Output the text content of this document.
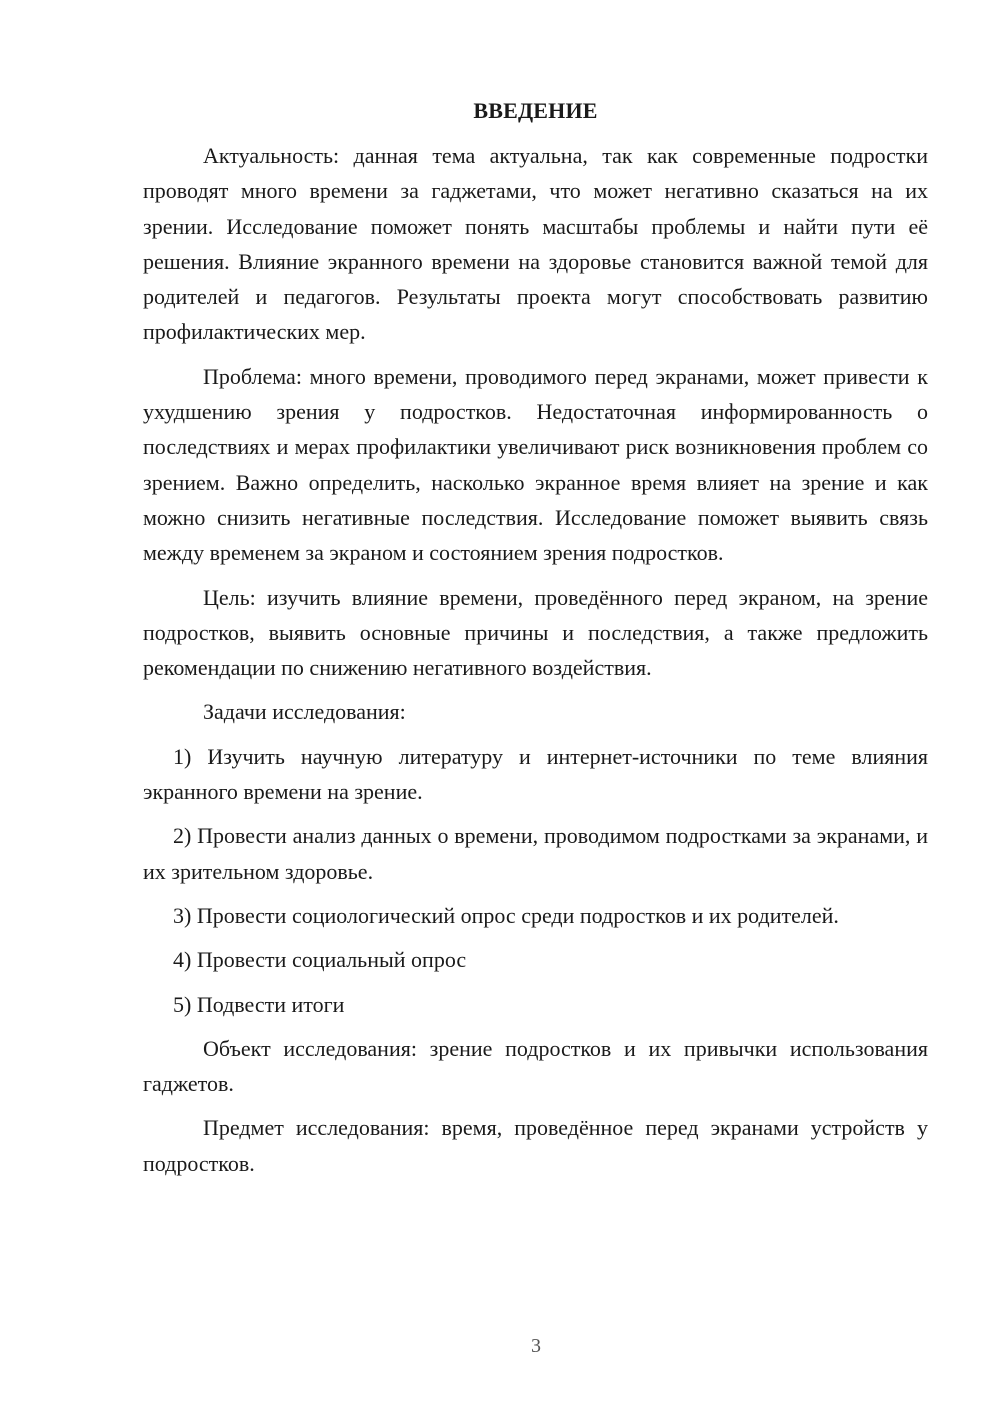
ВВЕДЕНИЕ

Актуальность: данная тема актуальна, так как современные подростки проводят много времени за гаджетами, что может негативно сказаться на их зрении. Исследование поможет понять масштабы проблемы и найти пути её решения. Влияние экранного времени на здоровье становится важной темой для родителей и педагогов. Результаты проекта могут способствовать развитию профилактических мер.

Проблема: много времени, проводимого перед экранами, может привести к ухудшению зрения у подростков. Недостаточная информированность о последствиях и мерах профилактики увеличивают риск возникновения проблем со зрением. Важно определить, насколько экранное время влияет на зрение и как можно снизить негативные последствия. Исследование поможет выявить связь между временем за экраном и состоянием зрения подростков.

Цель: изучить влияние времени, проведённого перед экраном, на зрение подростков, выявить основные причины и последствия, а также предложить рекомендации по снижению негативного воздействия.

Задачи исследования:

1) Изучить научную литературу и интернет-источники по теме влияния экранного времени на зрение.

2) Провести анализ данных о времени, проводимом подростками за экранами, и их зрительном здоровье.

3) Провести социологический опрос среди подростков и их родителей.

4) Провести социальный опрос

5) Подвести итоги

Объект исследования: зрение подростков и их привычки использования гаджетов.

Предмет исследования: время, проведённое перед экранами устройств у подростков.

3
